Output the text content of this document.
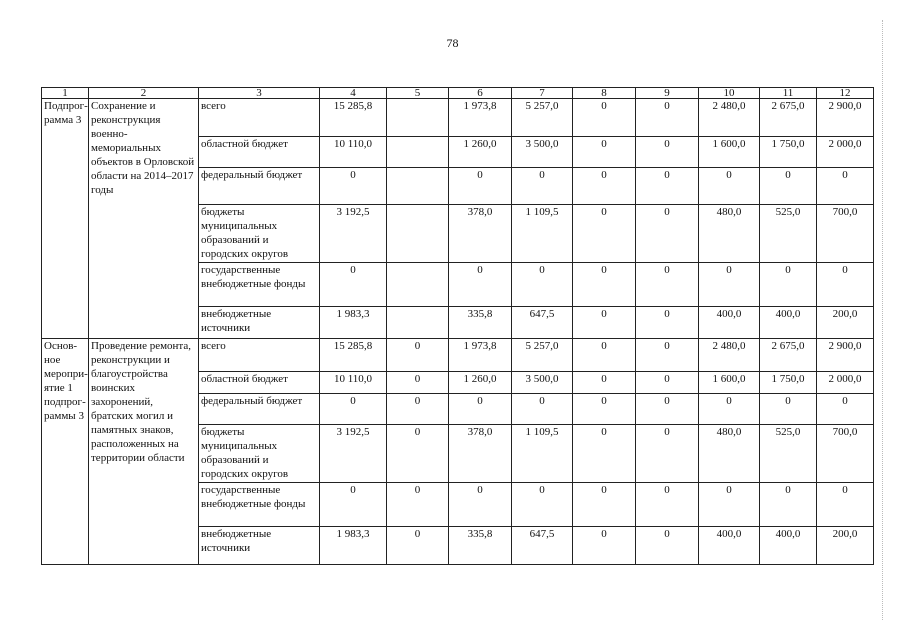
78
1	2	3	4	5	6	7	8	9	10	11	12
Подпрог-рамма 3	Сохранение и реконструкция военно-мемориальных объектов в Орловской области на 2014–2017 годы	всего	15 285,8		1 973,8	5 257,0	0	0	2 480,0	2 675,0	2 900,0
		областной бюджет	10 110,0		1 260,0	3 500,0	0	0	1 600,0	1 750,0	2 000,0
		федеральный бюджет	0		0	0	0	0	0	0	0
		бюджеты муниципальных образований и городских округов	3 192,5		378,0	1 109,5	0	0	480,0	525,0	700,0
		государственные внебюджетные фонды	0		0	0	0	0	0	0	0
		внебюджетные источники	1 983,3		335,8	647,5	0	0	400,0	400,0	200,0
Основ-ное меропри-ятие 1 подпрог-раммы 3	Проведение ремонта, реконструкции и благоустройства воинских захоронений, братских могил и памятных знаков, расположенных на территории области	всего	15 285,8	0	1 973,8	5 257,0	0	0	2 480,0	2 675,0	2 900,0
		областной бюджет	10 110,0	0	1 260,0	3 500,0	0	0	1 600,0	1 750,0	2 000,0
		федеральный бюджет	0	0	0	0	0	0	0	0	0
		бюджеты муниципальных образований и городских округов	3 192,5	0	378,0	1 109,5	0	0	480,0	525,0	700,0
		государственные внебюджетные фонды	0	0	0	0	0	0	0	0	0
		внебюджетные источники	1 983,3	0	335,8	647,5	0	0	400,0	400,0	200,0
